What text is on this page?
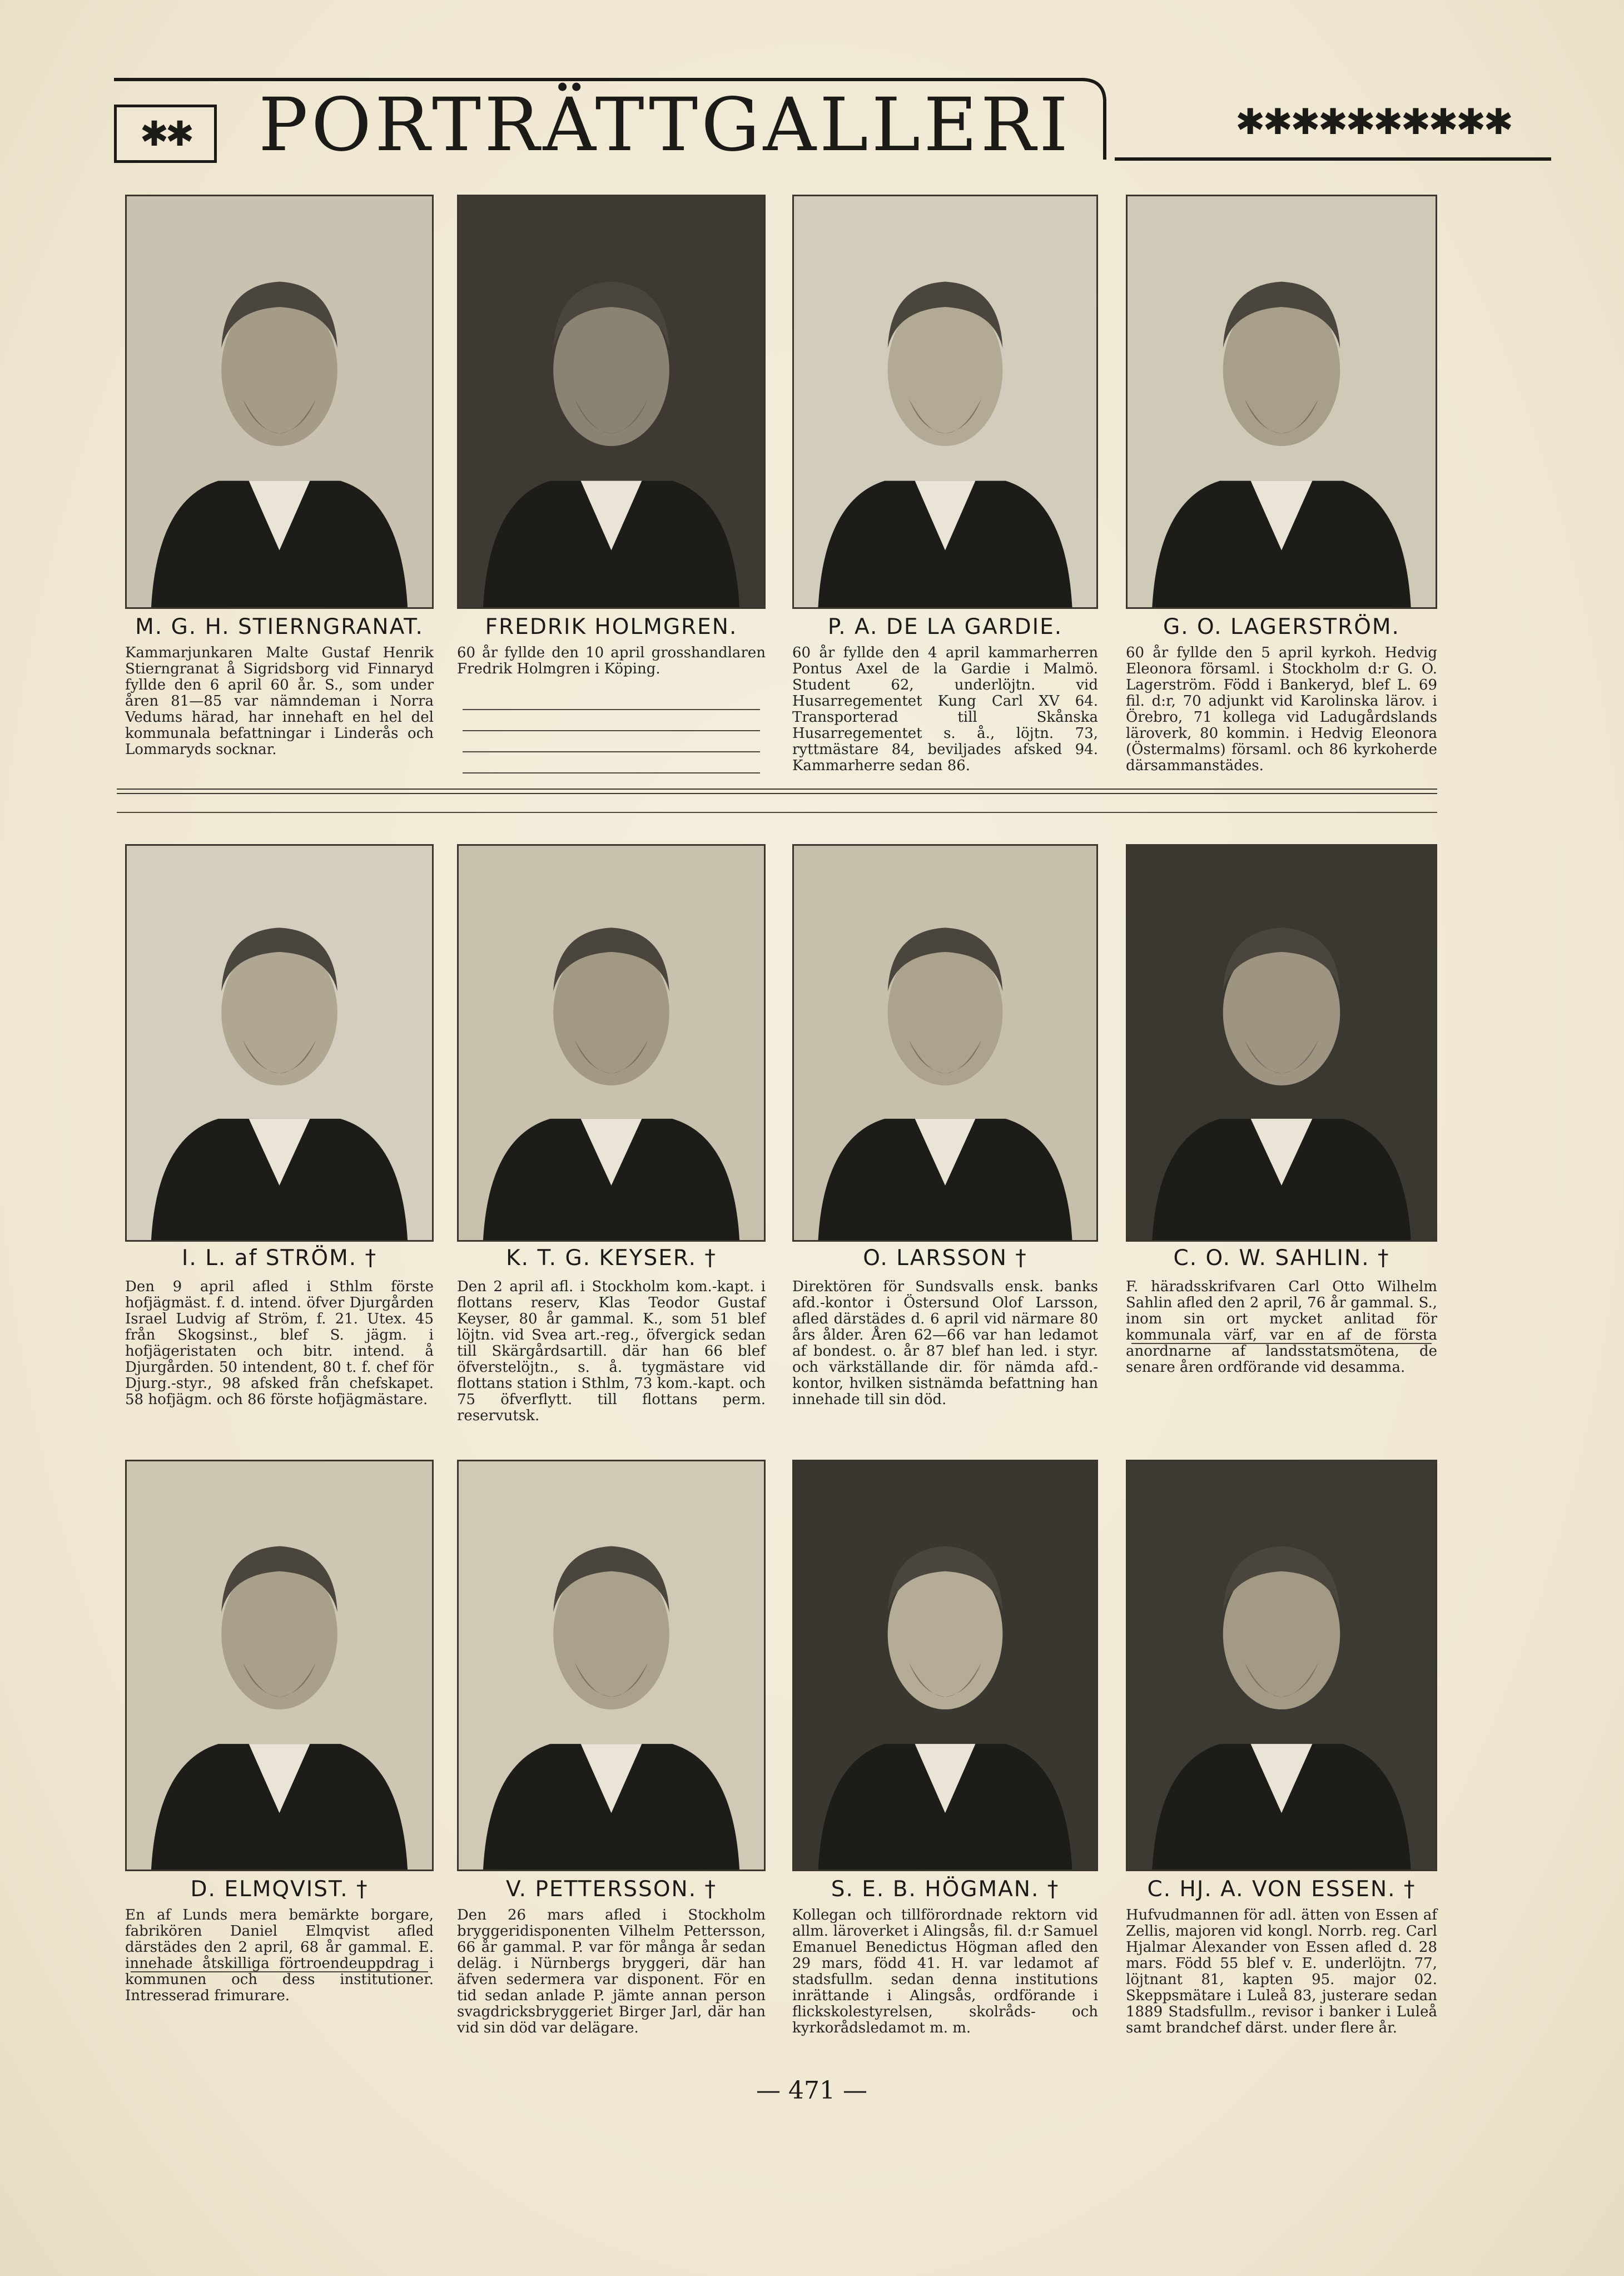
✱✱ PORTRÄTTGALLERI	✱✱✱✱✱✱✱✱✱✱
M. G. H. STIERNGRANAT.
Kammarjunkaren Malte Gustaf Henrik Stierngranat å Sigridsborg vid Finnaryd fyllde den 6 april 60 år. S., som under åren 81—85 var nämndeman i Norra Vedums härad, har innehaft en hel del kommunala befattningar i Linderås och Lommaryds socknar.
FREDRIK HOLMGREN.
60 år fyllde den 10 april grosshandlaren Fredrik Holmgren i Köping.
P. A. DE LA GARDIE.
60 år fyllde den 4 april kammarherren Pontus Axel de la Gardie i Malmö. Student 62, underlöjtn. vid Husarregementet Kung Carl XV 64. Transporterad till Skånska Husarregementet s. å., löjtn. 73, ryttmästare 84, beviljades afsked 94. Kammarherre sedan 86.
G. O. LAGERSTRÖM.
60 år fyllde den 5 april kyrkoh. Hedvig Eleonora församl. i Stockholm d:r G. O. Lagerström. Född i Bankeryd, blef L. 69 fil. d:r, 70 adjunkt vid Karolinska lärov. i Örebro, 71 kollega vid Ladugårdslands läroverk, 80 kommin. i Hedvig Eleonora (Östermalms) församl. och 86 kyrkoherde därsammanstädes.
I. L. af STRÖM. †
Den 9 april afled i Sthlm förste hofjägmäst. f. d. intend. öfver Djurgården Israel Ludvig af Ström, f. 21. Utex. 45 från Skogsinst., blef S. jägm. i hofjägeristaten och bitr. intend. å Djurgården. 50 intendent, 80 t. f. chef för Djurg.-styr., 98 afsked från chefskapet. 58 hofjägm. och 86 förste hofjägmästare.
K. T. G. KEYSER. †
Den 2 april afl. i Stockholm kom.-kapt. i flottans reserv, Klas Teodor Gustaf Keyser, 80 år gammal. K., som 51 blef löjtn. vid Svea art.-reg., öfvergick sedan till Skärgårdsartill. där han 66 blef öfverstelöjtn., s. å. tygmästare vid flottans station i Sthlm, 73 kom.-kapt. och 75 öfverflytt. till flottans perm. reservutsk.
O. LARSSON †
Direktören för Sundsvalls ensk. banks afd.-kontor i Östersund Olof Larsson, afled därstädes d. 6 april vid närmare 80 års ålder. Åren 62—66 var han ledamot af bondest. o. år 87 blef han led. i styr. och värkställande dir. för nämda afd.-kontor, hvilken sistnämda befattning han innehade till sin död.
C. O. W. SAHLIN. †
F. häradsskrifvaren Carl Otto Wilhelm Sahlin afled den 2 april, 76 år gammal. S., inom sin ort mycket anlitad för kommunala värf, var en af de första anordnarne af landsstatsmötena, de senare åren ordförande vid desamma.
D. ELMQVIST. †
En af Lunds mera bemärkte borgare, fabrikören Daniel Elmqvist afled därstädes den 2 april, 68 år gammal. E. innehade åtskilliga förtroendeuppdrag i kommunen och dess institutioner. Intresserad frimurare.
V. PETTERSSON. †
Den 26 mars afled i Stockholm bryggeridisponenten Vilhelm Pettersson, 66 år gammal. P. var för många år sedan deläg. i Nürnbergs bryggeri, där han äfven sedermera var disponent. För en tid sedan anlade P. jämte annan person svagdricksbryggeriet Birger Jarl, där han vid sin död var delägare.
S. E. B. HÖGMAN. †
Kollegan och tillförordnade rektorn vid allm. läroverket i Alingsås, fil. d:r Samuel Emanuel Benedictus Högman afled den 29 mars, född 41. H. var ledamot af stadsfullm. sedan denna institutions inrättande i Alingsås, ordförande i flickskolestyrelsen, skolråds- och kyrkorådsledamot m. m.
C. HJ. A. VON ESSEN. †
Hufvudmannen för adl. ätten von Essen af Zellis, majoren vid kongl. Norrb. reg. Carl Hjalmar Alexander von Essen afled d. 28 mars. Född 55 blef v. E. underlöjtn. 77, löjtnant 81, kapten 95. major 02. Skeppsmätare i Luleå 83, justerare sedan 1889 Stadsfullm., revisor i banker i Luleå samt brandchef därst. under flere år.
— 471 —
